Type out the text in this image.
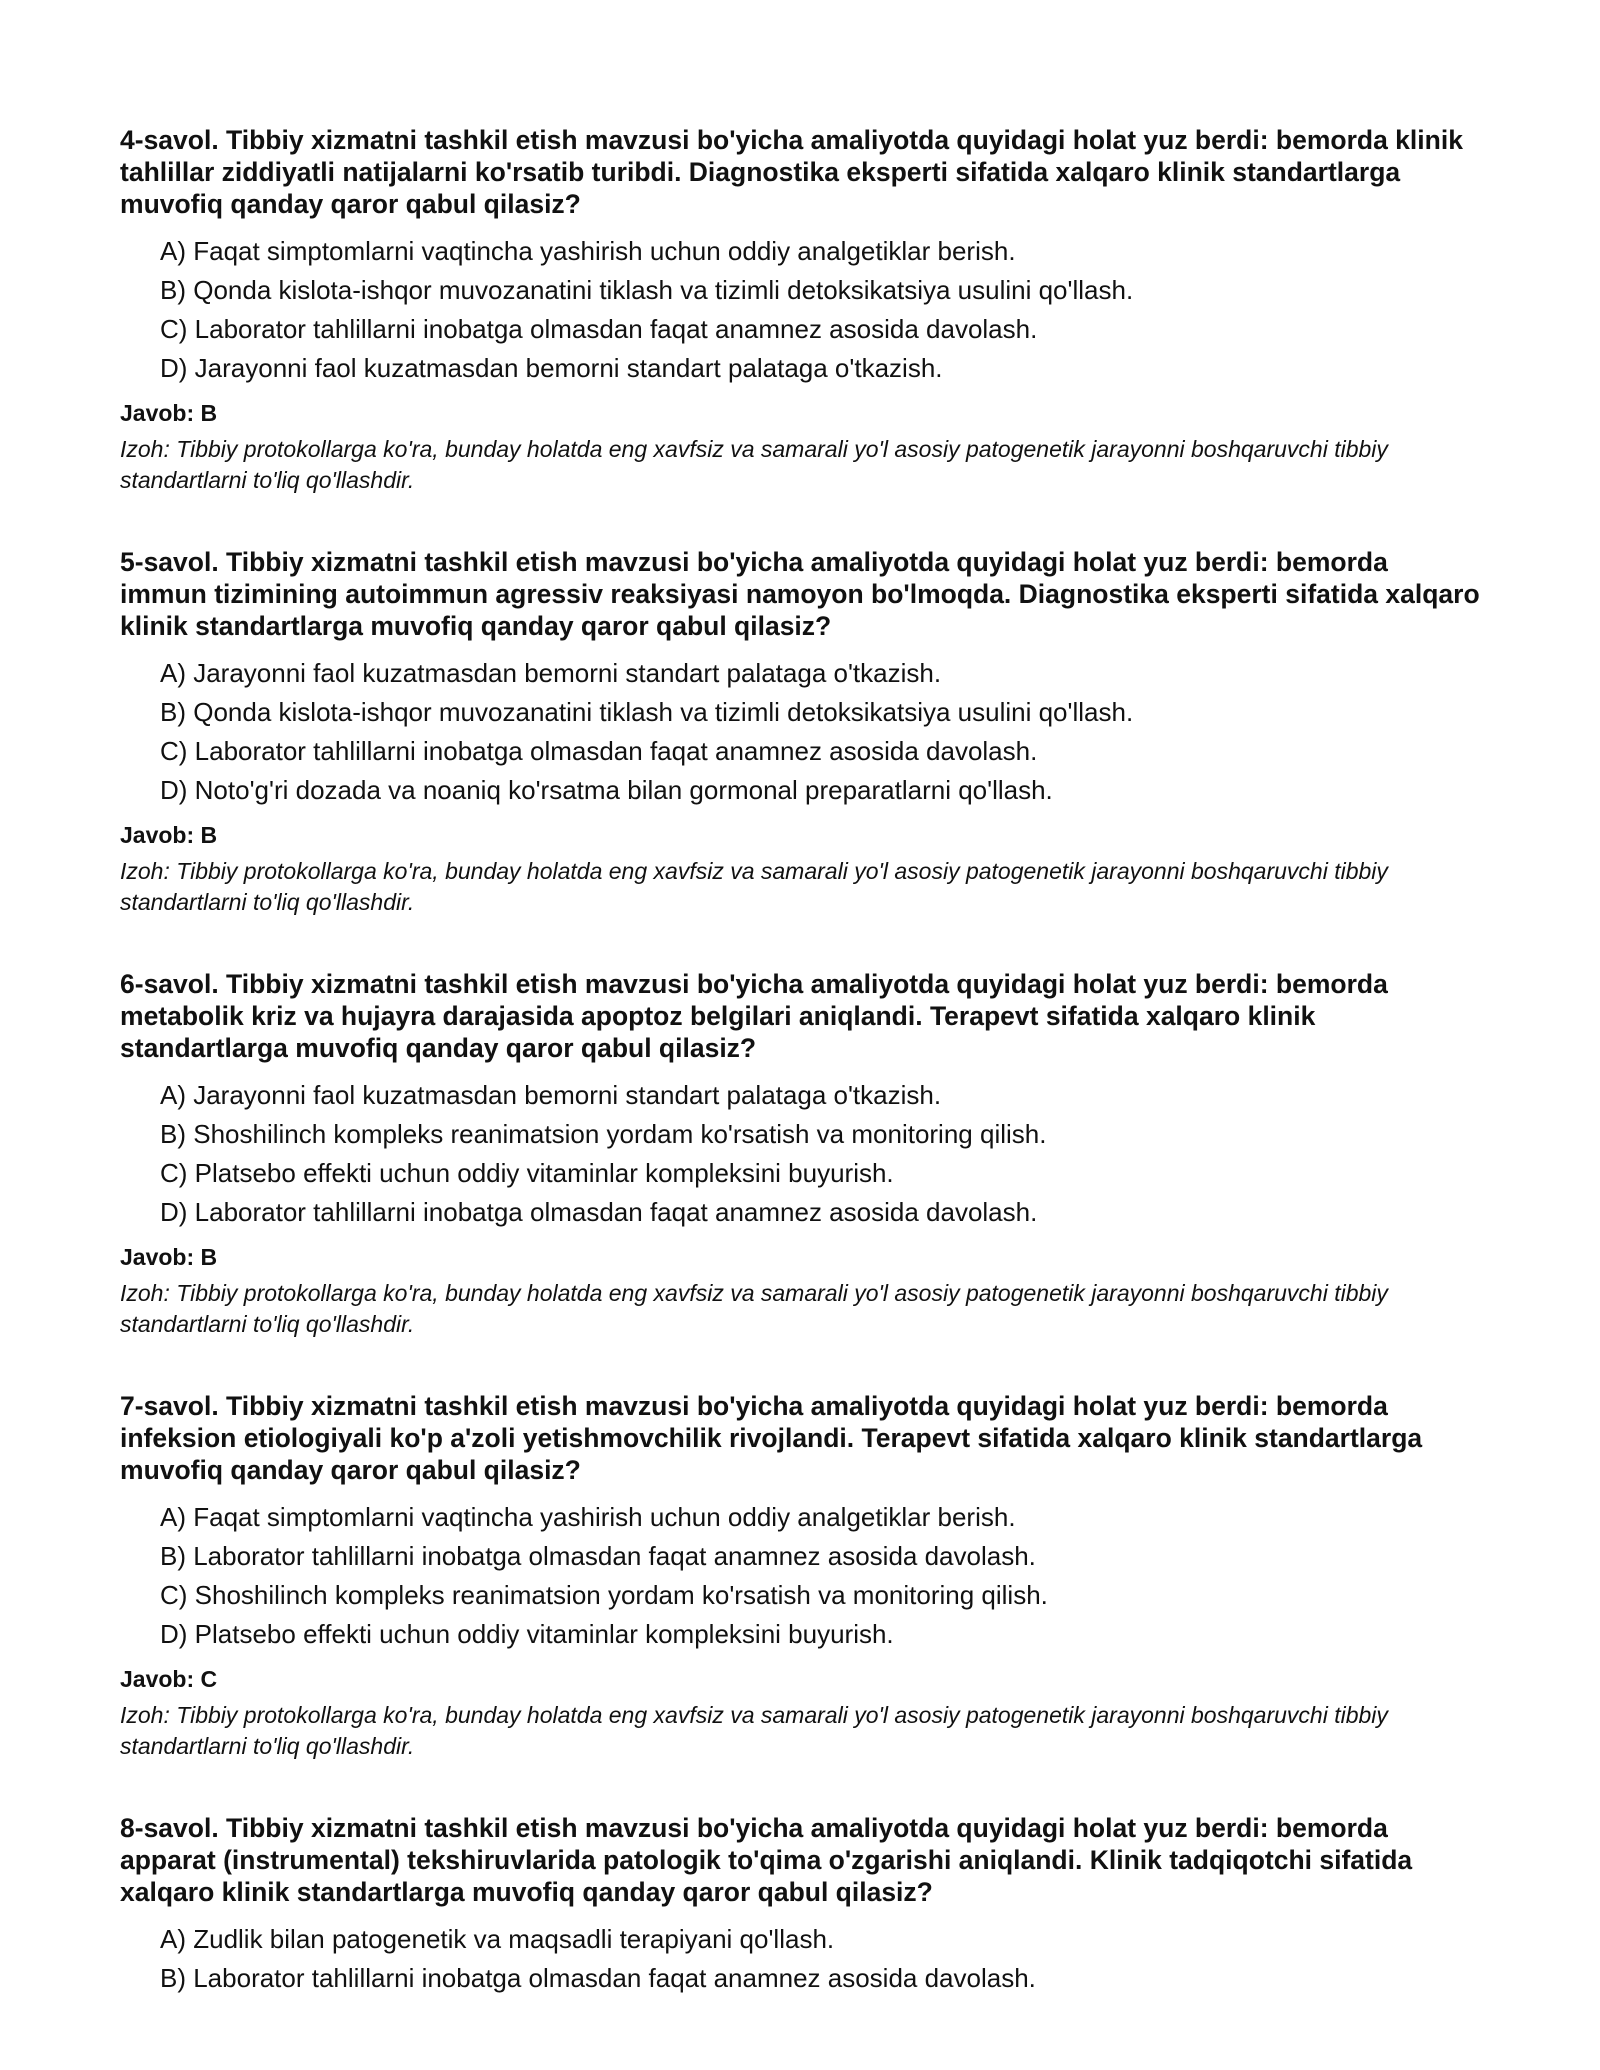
4-savol. Tibbiy xizmatni tashkil etish mavzusi bo'yicha amaliyotda quyidagi holat yuz berdi: bemorda klinik tahlillar ziddiyatli natijalarni ko'rsatib turibdi. Diagnostika eksperti sifatida xalqaro klinik standartlarga muvofiq qanday qaror qabul qilasiz?

A) Faqat simptomlarni vaqtincha yashirish uchun oddiy analgetiklar berish.
B) Qonda kislota-ishqor muvozanatini tiklash va tizimli detoksikatsiya usulini qo'llash.
C) Laborator tahlillarni inobatga olmasdan faqat anamnez asosida davolash.
D) Jarayonni faol kuzatmasdan bemorni standart palataga o'tkazish.

Javob: B

Izoh: Tibbiy protokollarga ko'ra, bunday holatda eng xavfsiz va samarali yo'l asosiy patogenetik jarayonni boshqaruvchi tibbiy standartlarni to'liq qo'llashdir.

5-savol. Tibbiy xizmatni tashkil etish mavzusi bo'yicha amaliyotda quyidagi holat yuz berdi: bemorda immun tizimining autoimmun agressiv reaksiyasi namoyon bo'lmoqda. Diagnostika eksperti sifatida xalqaro klinik standartlarga muvofiq qanday qaror qabul qilasiz?

A) Jarayonni faol kuzatmasdan bemorni standart palataga o'tkazish.
B) Qonda kislota-ishqor muvozanatini tiklash va tizimli detoksikatsiya usulini qo'llash.
C) Laborator tahlillarni inobatga olmasdan faqat anamnez asosida davolash.
D) Noto'g'ri dozada va noaniq ko'rsatma bilan gormonal preparatlarni qo'llash.

Javob: B

Izoh: Tibbiy protokollarga ko'ra, bunday holatda eng xavfsiz va samarali yo'l asosiy patogenetik jarayonni boshqaruvchi tibbiy standartlarni to'liq qo'llashdir.

6-savol. Tibbiy xizmatni tashkil etish mavzusi bo'yicha amaliyotda quyidagi holat yuz berdi: bemorda metabolik kriz va hujayra darajasida apoptoz belgilari aniqlandi. Terapevt sifatida xalqaro klinik standartlarga muvofiq qanday qaror qabul qilasiz?

A) Jarayonni faol kuzatmasdan bemorni standart palataga o'tkazish.
B) Shoshilinch kompleks reanimatsion yordam ko'rsatish va monitoring qilish.
C) Platsebo effekti uchun oddiy vitaminlar kompleksini buyurish.
D) Laborator tahlillarni inobatga olmasdan faqat anamnez asosida davolash.

Javob: B

Izoh: Tibbiy protokollarga ko'ra, bunday holatda eng xavfsiz va samarali yo'l asosiy patogenetik jarayonni boshqaruvchi tibbiy standartlarni to'liq qo'llashdir.

7-savol. Tibbiy xizmatni tashkil etish mavzusi bo'yicha amaliyotda quyidagi holat yuz berdi: bemorda infeksion etiologiyali ko'p a'zoli yetishmovchilik rivojlandi. Terapevt sifatida xalqaro klinik standartlarga muvofiq qanday qaror qabul qilasiz?

A) Faqat simptomlarni vaqtincha yashirish uchun oddiy analgetiklar berish.
B) Laborator tahlillarni inobatga olmasdan faqat anamnez asosida davolash.
C) Shoshilinch kompleks reanimatsion yordam ko'rsatish va monitoring qilish.
D) Platsebo effekti uchun oddiy vitaminlar kompleksini buyurish.

Javob: C

Izoh: Tibbiy protokollarga ko'ra, bunday holatda eng xavfsiz va samarali yo'l asosiy patogenetik jarayonni boshqaruvchi tibbiy standartlarni to'liq qo'llashdir.

8-savol. Tibbiy xizmatni tashkil etish mavzusi bo'yicha amaliyotda quyidagi holat yuz berdi: bemorda apparat (instrumental) tekshiruvlarida patologik to'qima o'zgarishi aniqlandi. Klinik tadqiqotchi sifatida xalqaro klinik standartlarga muvofiq qanday qaror qabul qilasiz?

A) Zudlik bilan patogenetik va maqsadli terapiyani qo'llash.
B) Laborator tahlillarni inobatga olmasdan faqat anamnez asosida davolash.
